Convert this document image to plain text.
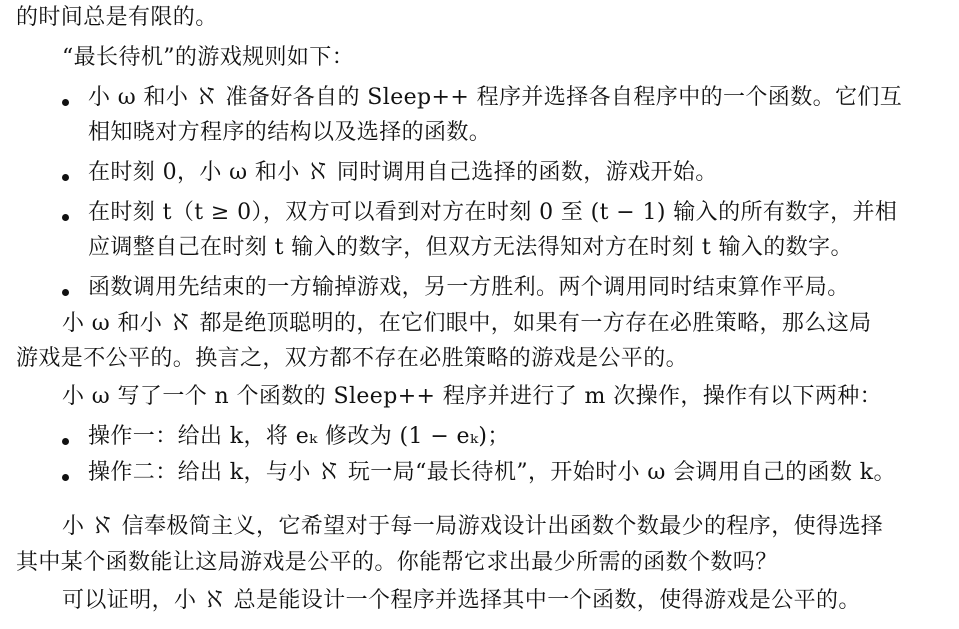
的时间总是有限的。
“最长待机”的游戏规则如下：
小 ω 和小 ℵ 准备好各自的 Sleep++ 程序并选择各自程序中的一个函数。它们互
相知晓对方程序的结构以及选择的函数。
在时刻 0，小 ω 和小 ℵ 同时调用自己选择的函数，游戏开始。
在时刻 t（t ≥ 0），双方可以看到对方在时刻 0 至 (t − 1) 输入的所有数字，并相
应调整自己在时刻 t 输入的数字，但双方无法得知对方在时刻 t 输入的数字。
函数调用先结束的一方输掉游戏，另一方胜利。两个调用同时结束算作平局。
小 ω 和小 ℵ 都是绝顶聪明的，在它们眼中，如果有一方存在必胜策略，那么这局
游戏是不公平的。换言之，双方都不存在必胜策略的游戏是公平的。
小 ω 写了一个 n 个函数的 Sleep++ 程序并进行了 m 次操作，操作有以下两种：
操作一：给出 k，将 eₖ 修改为 (1 − eₖ)；
操作二：给出 k，与小 ℵ 玩一局“最长待机”，开始时小 ω 会调用自己的函数 k。
小 ℵ 信奉极简主义，它希望对于每一局游戏设计出函数个数最少的程序，使得选择
其中某个函数能让这局游戏是公平的。你能帮它求出最少所需的函数个数吗？
可以证明，小 ℵ 总是能设计一个程序并选择其中一个函数，使得游戏是公平的。
